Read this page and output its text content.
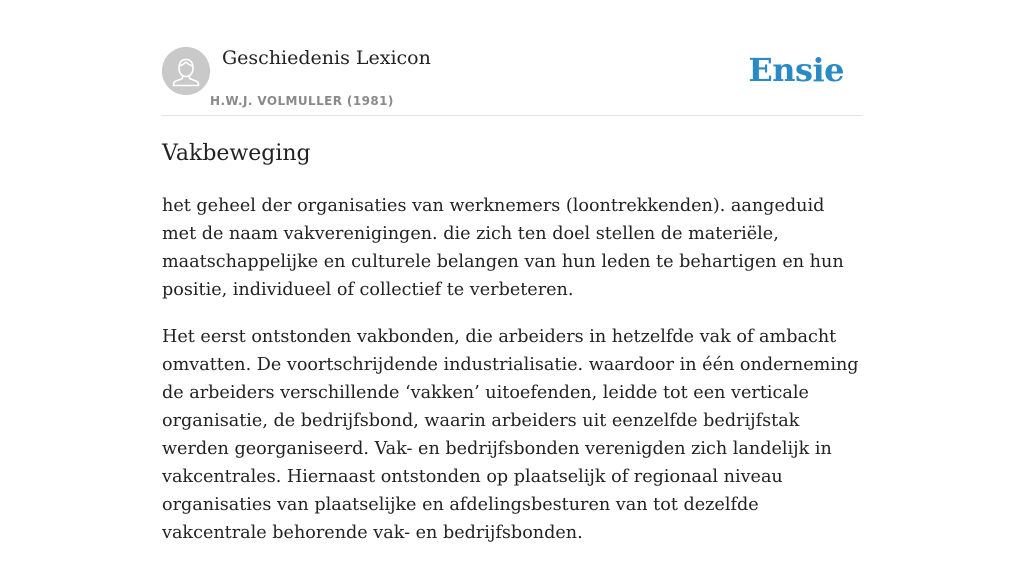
Geschiedenis Lexicon
H.W.J. VOLMULLER (1981)
Ensie
Vakbeweging

het geheel der organisaties van werknemers (loontrekkenden). aangeduid met de naam vakverenigingen. die zich ten doel stellen de materiële, maatschappelijke en culturele belangen van hun leden te behartigen en hun positie, individueel of collectief te verbeteren.

Het eerst ontstonden vakbonden, die arbeiders in hetzelfde vak of ambacht omvatten. De voortschrijdende industrialisatie. waardoor in één onderneming de arbeiders verschillende ‘vakken’ uitoefenden, leidde tot een verticale organisatie, de bedrijfsbond, waarin arbeiders uit eenzelfde bedrijfstak werden georganiseerd. Vak- en bedrijfsbonden verenigden zich landelijk in vakcentrales. Hiernaast ontstonden op plaatselijk of regionaal niveau organisaties van plaatselijke en afdelingsbesturen van tot dezelfde vakcentrale behorende vak- en bedrijfsbonden.
